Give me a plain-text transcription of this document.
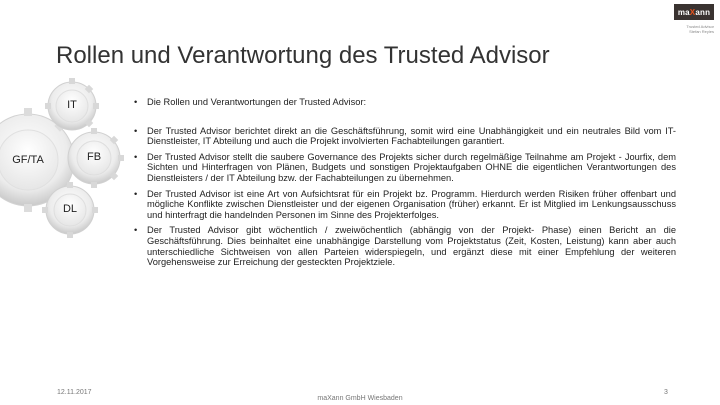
ma X ann
Trusted Advisor
Stefan Reyles
Rollen und Verantwortung des Trusted Advisor
IT
GF/TA	FB
DL
•	Die Rollen und Verantwortungen der Trusted Advisor:
•	Der Trusted Advisor berichtet direkt an die Geschäftsführung, somit wird eine Unabhängigkeit und ein neutrales Bild vom IT- Dienstleister, IT Abteilung und auch die Projekt involvierten Fachabteilungen garantiert.
•	Der Trusted Advisor stellt die saubere Governance des Projekts sicher durch regelmäßige Teilnahme am Projekt - Jourfix, dem Sichten und Hinterfragen von Plänen, Budgets und sonstigen Projektaufgaben OHNE die eigentlichen Verantwortungen des Dienstleisters / der IT Abteilung bzw. der Fachabteilungen zu übernehmen.
•	Der Trusted Advisor ist eine Art von Aufsichtsrat für ein Projekt bz. Programm. Hierdurch werden Risiken früher offenbart und mögliche Konflikte zwischen Dienstleister und der eigenen Organisation (früher) erkannt. Er ist Mitglied im Lenkungsausschuss und hinterfragt die handelnden Personen im Sinne des Projekterfolges.
•	Der Trusted Advisor gibt wöchentlich / zweiwöchentlich (abhängig von der Projekt- Phase) einen Bericht an die Geschäftsführung. Dies beinhaltet eine unabhängige Darstellung vom Projektstatus (Zeit, Kosten, Leistung) kann aber auch unterschiedliche Sichtweisen von allen Parteien widerspiegeln, und ergänzt diese mit einer Empfehlung der weiteren Vorgehensweise zur Erreichung der gesteckten Projektziele.
12.11.2017
maXann GmbH Wiesbaden
3
